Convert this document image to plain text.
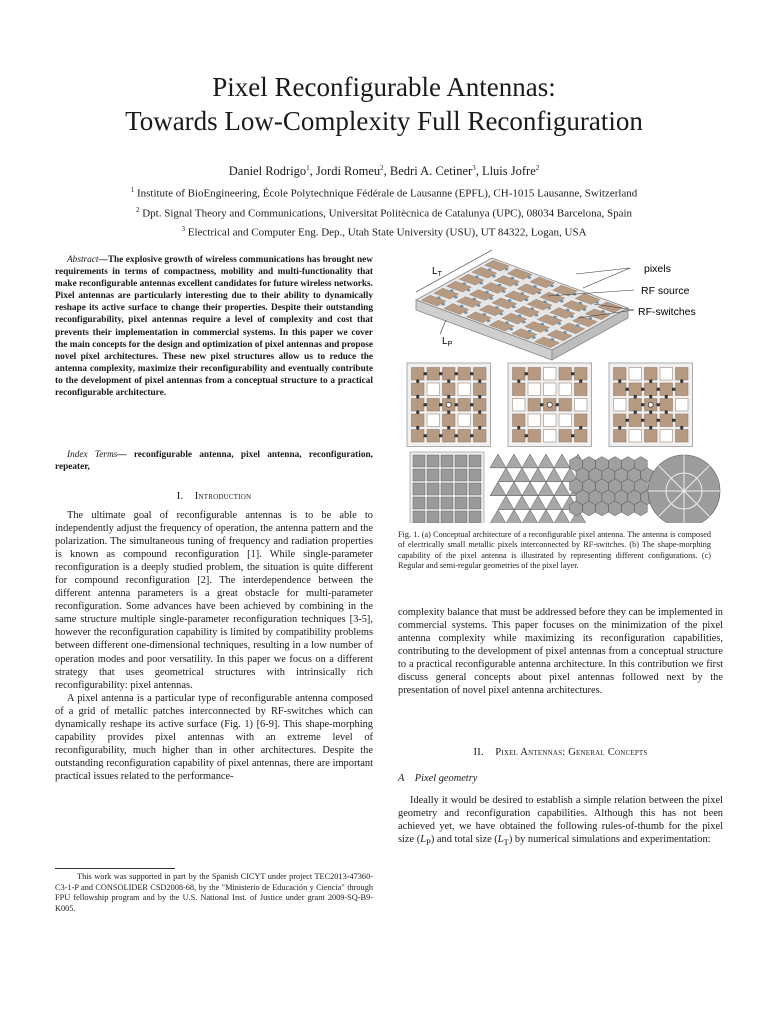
Pixel Reconfigurable Antennas:
Towards Low-Complexity Full Reconfiguration
Daniel Rodrigo$^1$, Jordi Romeu$^2$, Bedri A. Cetiner$^3$, Lluis Jofre$^2$
$^1$ Institute of BioEngineering, École Polytechnique Fédérale de Lausanne (EPFL), CH-1015 Lausanne, Switzerland
$^2$ Dpt. Signal Theory and Communications, Universitat Politècnica de Catalunya (UPC), 08034 Barcelona, Spain
$^3$ Electrical and Computer Eng. Dep., Utah State University (USU), UT 84322, Logan, USA

Abstract—The explosive growth of wireless communications has brought new requirements in terms of compactness, mobility and multi-functionality that make reconfigurable antennas excellent candidates for future wireless networks. Pixel antennas are particularly interesting due to their ability to dynamically reshape its active surface to change their properties. Despite their outstanding reconfigurability, pixel antennas require a level of complexity and cost that prevents their implementation in commercial systems. In this paper we cover the main concepts for the design and optimization of pixel antennas and propose novel pixel architectures. These new pixel structures allow us to reduce the antenna complexity, maximize their reconfigurability and eventually contribute to the development of pixel antennas from a conceptual structure to a practical reconfigurable architecture.

Index Terms— reconfigurable antenna, pixel antenna, reconfiguration, repeater,

I. Introduction

The ultimate goal of reconfigurable antennas is to be able to independently adjust the frequency of operation, the antenna pattern and the polarization. The simultaneous tuning of frequency and radiation properties is known as compound reconfiguration [1]. While single-parameter reconfiguration is a deeply studied problem, the situation is quite different for compound reconfiguration [2]. The interdependence between the different antenna parameters is a great obstacle for multi-parameter reconfiguration. Some advances have been achieved by combining in the same structure multiple single-parameter reconfiguration techniques [3-5], however the reconfiguration capability is limited by compatibility problems between different one-dimensional techniques, resulting in a low number of operation modes and poor versatility. In this paper we focus on a different strategy that uses geometrical structures with intrinsically rich reconfigurability: pixel antennas.

A pixel antenna is a particular type of reconfigurable antenna composed of a grid of metallic patches interconnected by RF-switches which can dynamically reshape its active surface (Fig. 1) [6-9]. This shape-morphing capability provides pixel antennas with an extreme level of reconfigurability, much higher than in other architectures. Despite the outstanding reconfiguration capability of pixel antennas, there are important practical issues related to the performance-

This work was supported in part by the Spanish CICYT under project TEC2013-47360-C3-1-P and CONSOLIDER CSD2008-68, by the "Ministerio de Educación y Ciencia" through FPU fellowship program and by the U.S. National Inst. of Justice under grant 2009-SQ-B9-K005.
$L_T$
$L_P$
pixels
RF source
RF-switches
Fig. 1. (a) Conceptual architecture of a reconfigurable pixel antenna. The antenna is composed of electrically small metallic pixels interconnected by RF-switches. (b) The shape-morphing capability of the pixel antenna is illustrated by representing different configurations. (c) Regular and semi-regular geometries of the pixel layer.

complexity balance that must be addressed before they can be implemented in commercial systems. This paper focuses on the minimization of the pixel antenna complexity while maximizing its reconfiguration capabilities, contributing to the development of pixel antennas from a conceptual structure to a practical reconfigurable antenna architecture. In this contribution we first discuss general concepts about pixel antennas followed next by the presentation of novel pixel antenna architectures.

II. Pixel Antennas: General Concepts
A Pixel geometry

Ideally it would be desired to establish a simple relation between the pixel geometry and reconfiguration capabilities. Although this has not been achieved yet, we have obtained the following rules-of-thumb for the pixel size $(L_P)$ and total size $(L_T)$ by numerical simulations and experimentation:
